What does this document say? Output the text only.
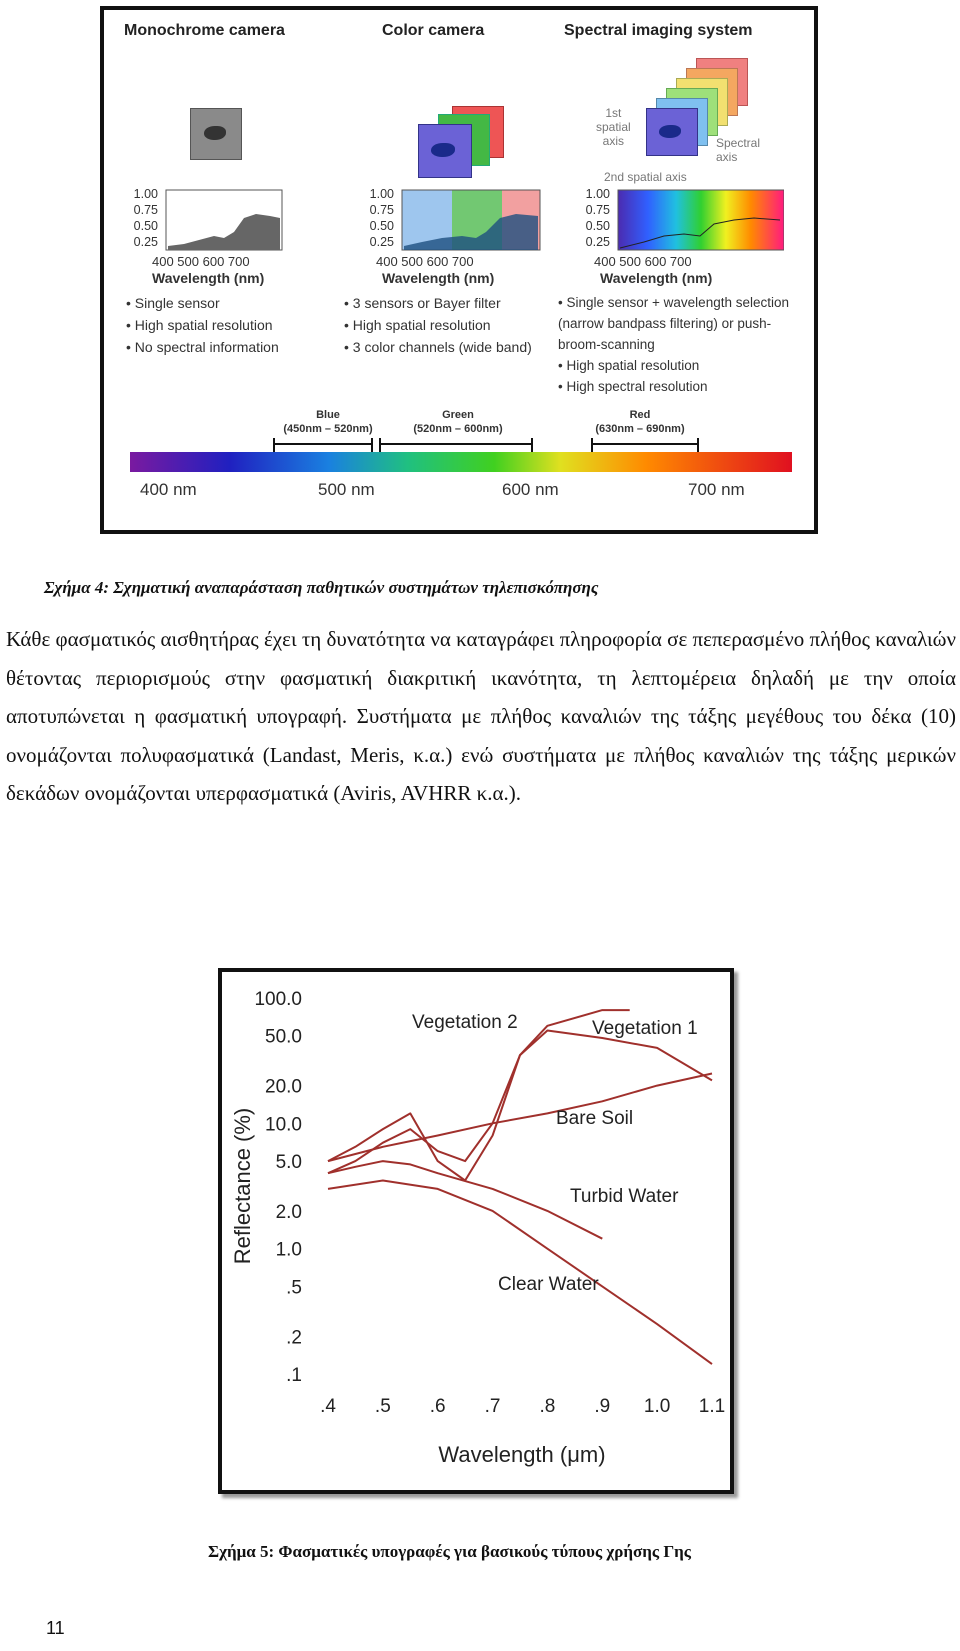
Monochrome camera	Color camera	Spectral imaging system
1st
spatial
axis	Spectral
axis
2nd spatial axis
1.00
0.75
0.50
0.25
1.00
0.75
0.50
0.25
1.00
0.75
0.50
0.25
400 500 600 700
Wavelength (nm)
400 500 600 700
Wavelength (nm)
400 500 600 700
Wavelength (nm)
• Single sensor
• High spatial resolution
• No spectral information
• 3 sensors or Bayer filter
• High spatial resolution
• 3 color channels (wide band)
• Single sensor + wavelength selection (narrow bandpass filtering) or push-broom-scanning
• High spatial resolution
• High spectral resolution
Blue
(450nm – 520nm)
Green
(520nm – 600nm)
Red
(630nm – 690nm)
400 nm	500 nm	600 nm	700 nm
Σχήμα 4: Σχηματική αναπαράσταση παθητικών συστημάτων τηλεπισκόπησης

Κάθε φασματικός αισθητήρας έχει τη δυνατότητα να καταγράφει πληροφορία σε πεπερασμένο πλήθος καναλιών θέτοντας περιορισμούς στην φασματική διακριτική ικανότητα, τη λεπτομέρεια δηλαδή με την οποία αποτυπώνεται η φασματική υπογραφή. Συστήματα με πλήθος καναλιών της τάξης μεγέθους του δέκα (10) ονομάζονται πολυφασματικά (Landast, Meris, κ.α.) ενώ συστήματα με πλήθος καναλιών της τάξης μερικών δεκάδων ονομάζονται υπερφασματικά (Aviris, AVHRR κ.α.).

100.0
50.0
20.0
10.0
5.0
2.0
1.0
.5
.2
.1
.4 .5 .6 .7 .8 .9 1.0 1.1
Wavelength (μm)
Reflectance (%)
Vegetation 1
Vegetation 2
Bare Soil
Turbid Water
Clear Water
Σχήμα 5: Φασματικές υπογραφές για βασικούς τύπους χρήσης Γης
11
